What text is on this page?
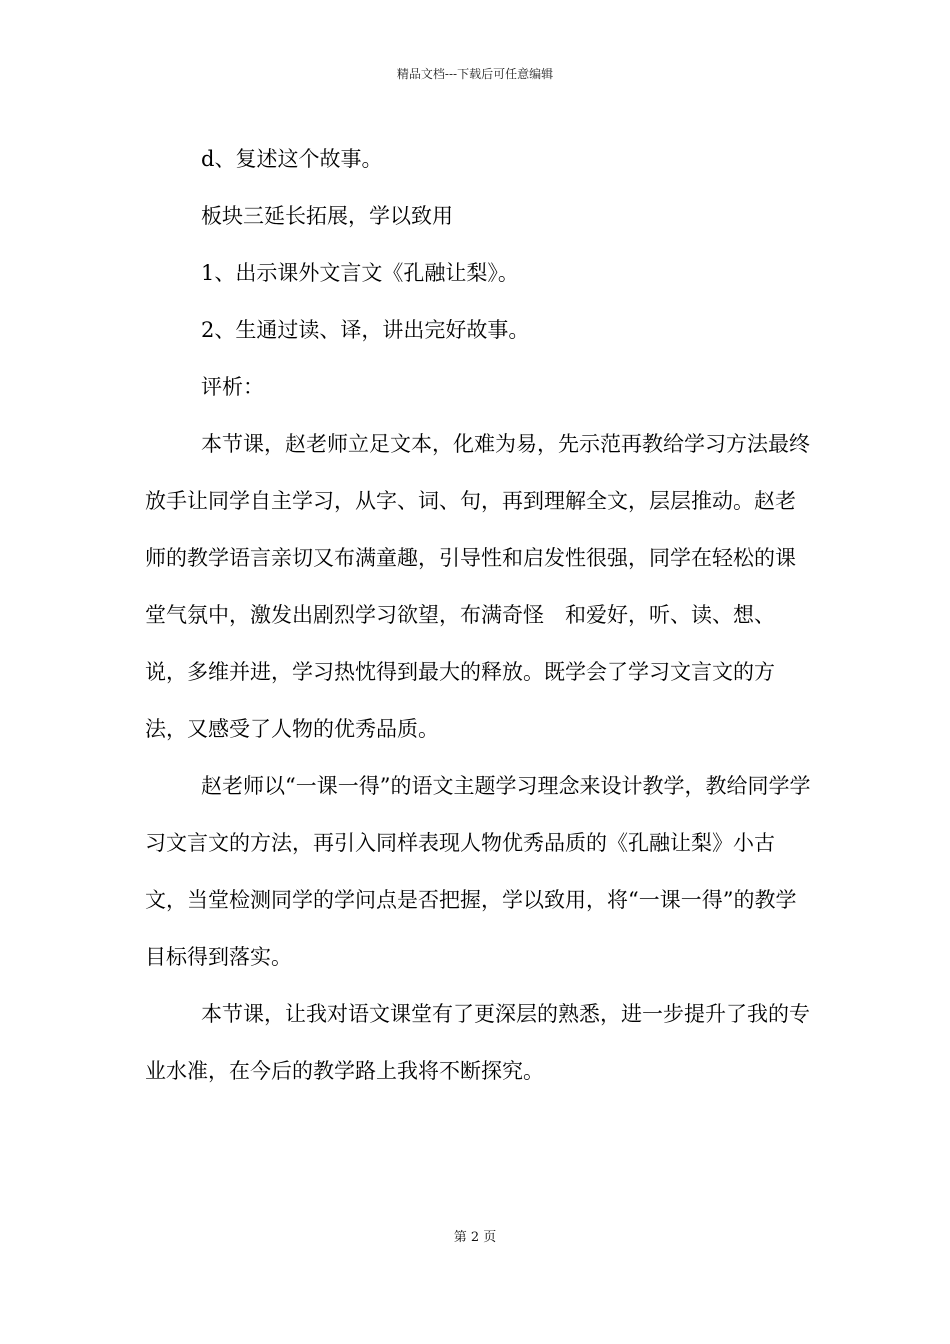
精品文档---下载后可任意编辑

d、复述这个故事。

板块三延长拓展，学以致用

1、出示课外文言文《孔融让梨》。

2、生通过读、译，讲出完好故事。

评析：

本节课，赵老师立足文本，化难为易，先示范再教给学习方法最终放手让同学自主学习，从字、词、句，再到理解全文，层层推动。赵老师的教学语言亲切又布满童趣，引导性和启发性很强，同学在轻松的课堂气氛中，激发出剧烈学习欲望，布满奇怪　和爱好，听、读、想、说，多维并进，学习热忱得到最大的释放。既学会了学习文言文的方法，又感受了人物的优秀品质。

赵老师以“一课一得”的语文主题学习理念来设计教学，教给同学学习文言文的方法，再引入同样表现人物优秀品质的《孔融让梨》小古文，当堂检测同学的学问点是否把握，学以致用，将“一课一得”的教学目标得到落实。

本节课，让我对语文课堂有了更深层的熟悉，进一步提升了我的专业水准，在今后的教学路上我将不断探究。

第 2 页
